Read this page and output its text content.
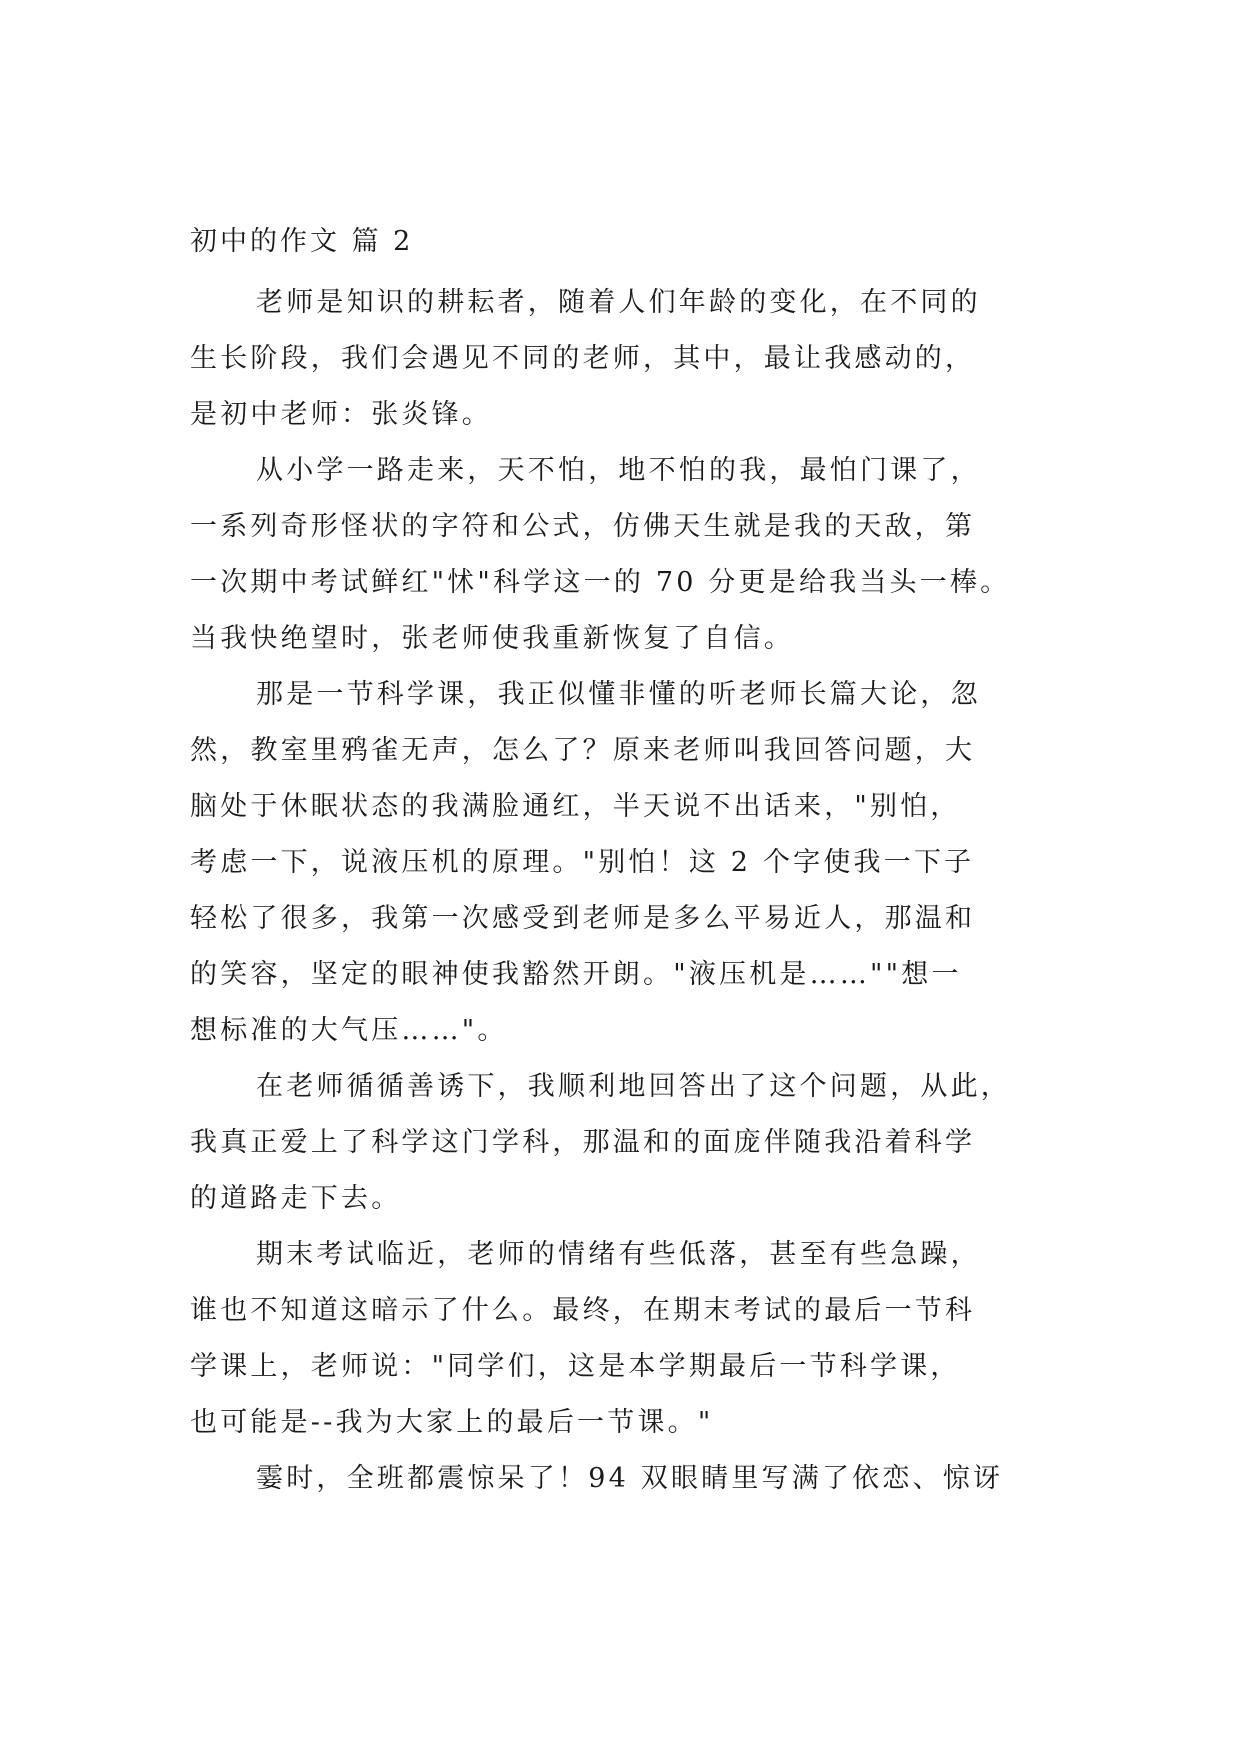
初中的作文 篇 2
老师是知识的耕耘者，随着人们年龄的变化，在不同的
生长阶段，我们会遇见不同的老师，其中，最让我感动的，
是初中老师：张炎锋。
从小学一路走来，天不怕，地不怕的我，最怕门课了，
一系列奇形怪状的字符和公式，仿佛天生就是我的天敌，第
一次期中考试鲜红"怵"科学这一的 70 分更是给我当头一棒。
当我快绝望时，张老师使我重新恢复了自信。
那是一节科学课，我正似懂非懂的听老师长篇大论，忽
然，教室里鸦雀无声，怎么了？原来老师叫我回答问题，大
脑处于休眠状态的我满脸通红，半天说不出话来，"别怕，
考虑一下，说液压机的原理。"别怕！这 2 个字使我一下子
轻松了很多，我第一次感受到老师是多么平易近人，那温和
的笑容，坚定的眼神使我豁然开朗。"液压机是……""想一
想标准的大气压……"。
在老师循循善诱下，我顺利地回答出了这个问题，从此，
我真正爱上了科学这门学科，那温和的面庞伴随我沿着科学
的道路走下去。
期末考试临近，老师的情绪有些低落，甚至有些急躁，
谁也不知道这暗示了什么。最终，在期末考试的最后一节科
学课上，老师说："同学们，这是本学期最后一节科学课，
也可能是--我为大家上的最后一节课。"
霎时，全班都震惊呆了！94 双眼睛里写满了依恋、惊讶
